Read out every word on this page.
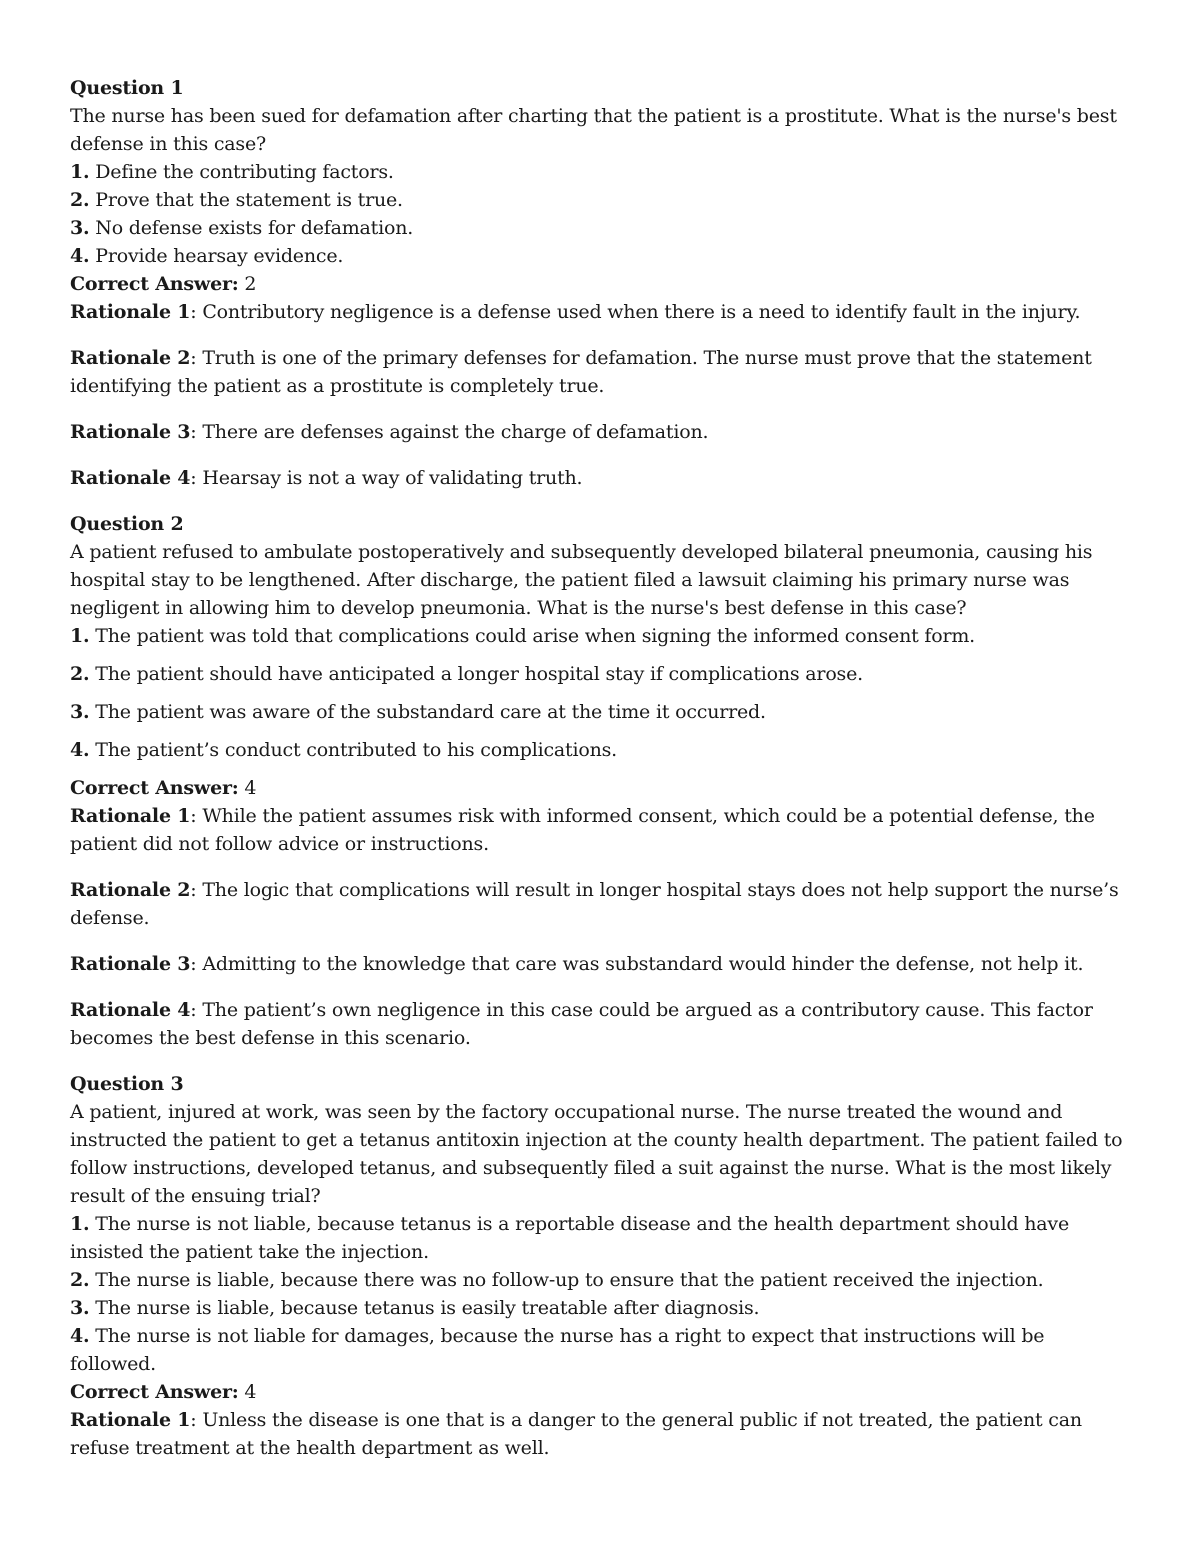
Question 1
The nurse has been sued for defamation after charting that the patient is a prostitute. What is the nurse's best defense in this case?
1. Define the contributing factors.
2. Prove that the statement is true.
3. No defense exists for defamation.
4. Provide hearsay evidence.
Correct Answer: 2
Rationale 1: Contributory negligence is a defense used when there is a need to identify fault in the injury.
Rationale 2: Truth is one of the primary defenses for defamation. The nurse must prove that the statement identifying the patient as a prostitute is completely true.
Rationale 3: There are defenses against the charge of defamation.
Rationale 4: Hearsay is not a way of validating truth.
Question 2
A patient refused to ambulate postoperatively and subsequently developed bilateral pneumonia, causing his hospital stay to be lengthened. After discharge, the patient filed a lawsuit claiming his primary nurse was negligent in allowing him to develop pneumonia. What is the nurse's best defense in this case?
1. The patient was told that complications could arise when signing the informed consent form.
2. The patient should have anticipated a longer hospital stay if complications arose.
3. The patient was aware of the substandard care at the time it occurred.
4. The patient’s conduct contributed to his complications.
Correct Answer: 4
Rationale 1: While the patient assumes risk with informed consent, which could be a potential defense, the patient did not follow advice or instructions.
Rationale 2: The logic that complications will result in longer hospital stays does not help support the nurse’s defense.
Rationale 3: Admitting to the knowledge that care was substandard would hinder the defense, not help it.
Rationale 4: The patient’s own negligence in this case could be argued as a contributory cause. This factor becomes the best defense in this scenario.
Question 3
A patient, injured at work, was seen by the factory occupational nurse. The nurse treated the wound and instructed the patient to get a tetanus antitoxin injection at the county health department. The patient failed to follow instructions, developed tetanus, and subsequently filed a suit against the nurse. What is the most likely result of the ensuing trial?
1. The nurse is not liable, because tetanus is a reportable disease and the health department should have insisted the patient take the injection.
2. The nurse is liable, because there was no follow-up to ensure that the patient received the injection.
3. The nurse is liable, because tetanus is easily treatable after diagnosis.
4. The nurse is not liable for damages, because the nurse has a right to expect that instructions will be followed.
Correct Answer: 4
Rationale 1: Unless the disease is one that is a danger to the general public if not treated, the patient can refuse treatment at the health department as well.
